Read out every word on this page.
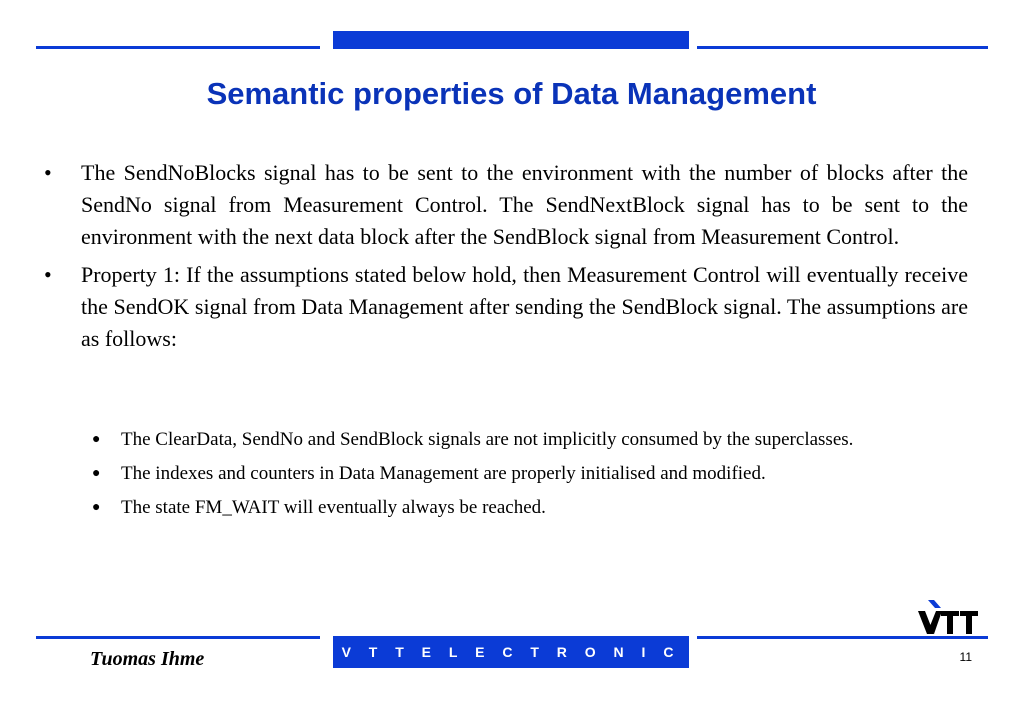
Semantic properties of Data Management
• The SendNoBlocks signal has to be sent to the environment with the number of blocks after the SendNo signal from Measurement Control. The SendNextBlock signal has to be sent to the environment with the next data block after the SendBlock signal from Measurement Control.
• Property 1: If the assumptions stated below hold, then Measurement Control will eventually receive the SendOK signal from Data Management after sending the SendBlock signal. The assumptions are as follows:
● The ClearData, SendNo and SendBlock signals are not implicitly consumed by the superclasses.
● The indexes and counters in Data Management are properly initialised and modified.
● The state FM_WAIT will eventually always be reached.
V T T E L E C T R O N I C S
Tuomas Ihme	11
